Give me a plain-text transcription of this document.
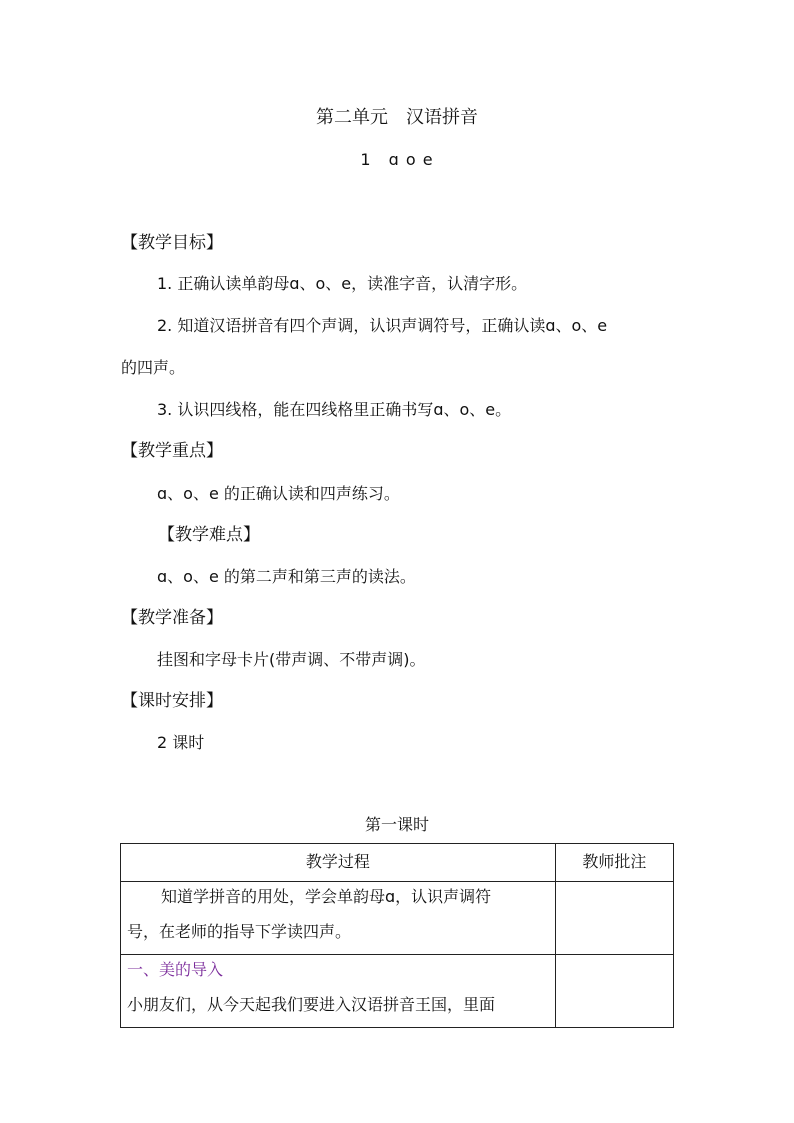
第二单元　汉语拼音
1　ɑ o e
【教学目标】
1. 正确认读单韵母ɑ、o、e，读准字音，认清字形。
2. 知道汉语拼音有四个声调，认识声调符号，正确认读ɑ、o、e
的四声。
3. 认识四线格，能在四线格里正确书写ɑ、o、e。
【教学重点】
ɑ、o、e 的正确认读和四声练习。
【教学难点】
ɑ、o、e 的第二声和第三声的读法。
【教学准备】
挂图和字母卡片(带声调、不带声调)。
【课时安排】
2 课时
第一课时
教学过程	教师批注

知道学拼音的用处，学会单韵母ɑ，认识声调符
号，在老师的指导下学读四声。	

一、美的导入
小朋友们，从今天起我们要进入汉语拼音王国，里面	
